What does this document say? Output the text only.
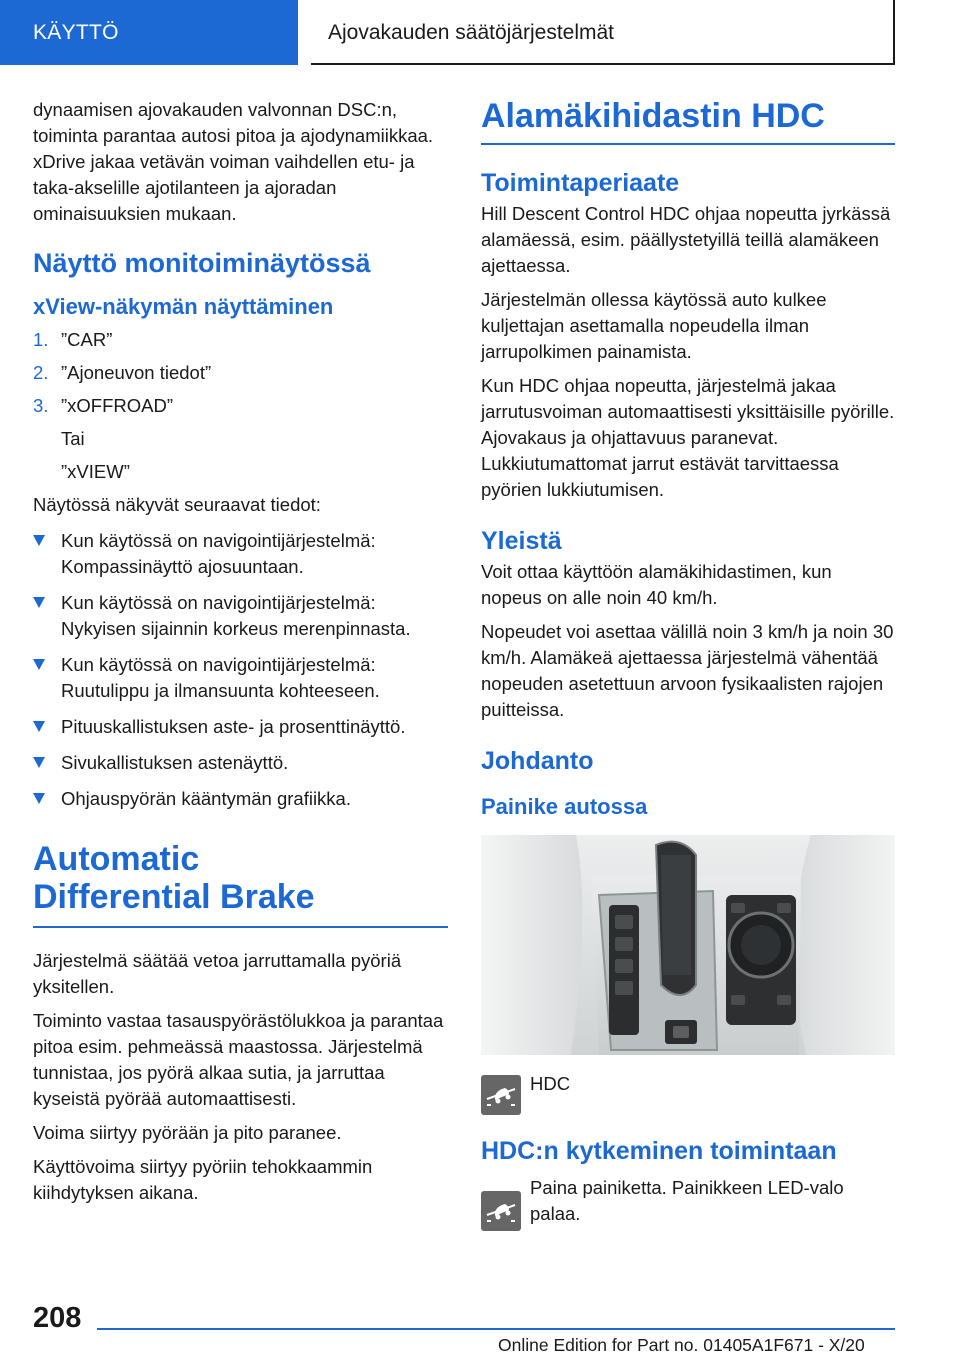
KÄYTTÖ	Ajovakauden säätöjärjestelmät

dynaamisen ajovakauden valvonnan DSC:n, toiminta parantaa autosi pitoa ja ajodynamiikkaa. xDrive jakaa vetävän voiman vaihdellen etu- ja taka-akselille ajotilanteen ja ajoradan ominaisuuksien mukaan.

Näyttö monitoiminäytössä
xView-näkymän näyttäminen
1. ”CAR”
2. ”Ajoneuvon tiedot”
3. ”xOFFROAD”
Tai
”xVIEW”

Näytössä näkyvät seuraavat tiedot:

Kun käytössä on navigointijärjestelmä: Kompassinäyttö ajosuuntaan.
Kun käytössä on navigointijärjestelmä: Nykyisen sijainnin korkeus merenpinnasta.
Kun käytössä on navigointijärjestelmä: Ruutulippu ja ilmansuunta kohteeseen.
Pituuskallistuksen aste- ja prosenttinäyttö.
Sivukallistuksen astenäyttö.
Ohjauspyörän kääntymän grafiikka.
Automatic Differential Brake

Järjestelmä säätää vetoa jarruttamalla pyöriä yksitellen.

Toiminto vastaa tasauspyörästölukkoa ja parantaa pitoa esim. pehmeässä maastossa. Järjestelmä tunnistaa, jos pyörä alkaa sutia, ja jarruttaa kyseistä pyörää automaattisesti.

Voima siirtyy pyörään ja pito paranee.

Käyttövoima siirtyy pyöriin tehokkaammin kiihdytyksen aikana.

Alamäkihidastin HDC
Toimintaperiaate

Hill Descent Control HDC ohjaa nopeutta jyrkässä alamäessä, esim. päällystetyillä teillä alamäkeen ajettaessa.

Järjestelmän ollessa käytössä auto kulkee kuljettajan asettamalla nopeudella ilman jarrupolkimen painamista.

Kun HDC ohjaa nopeutta, järjestelmä jakaa jarrutusvoiman automaattisesti yksittäisille pyörille. Ajovakaus ja ohjattavuus paranevat. Lukkiutumattomat jarrut estävät tarvittaessa pyörien lukkiutumisen.

Yleistä

Voit ottaa käyttöön alamäkihidastimen, kun nopeus on alle noin 40 km/h.

Nopeudet voi asettaa välillä noin 3 km/h ja noin 30 km/h. Alamäkeä ajettaessa järjestelmä vähentää nopeuden asetettuun arvoon fysikaalisten rajojen puitteissa.

Johdanto
Painike autossa
HDC
HDC:n kytkeminen toimintaan

Paina painiketta. Painikkeen LED-valo palaa.

208
Online Edition for Part no. 01405A1F671 - X/20
